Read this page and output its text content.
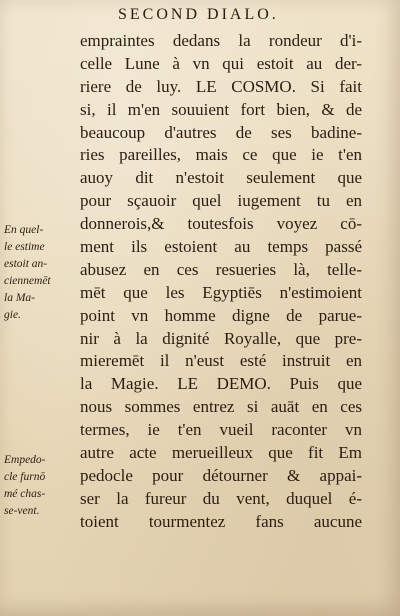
SECOND DIALO.
empraintes dedans la rondeur d'i-
celle Lune à vn qui estoit au der-
riere de luy. LE COSMO. Si fait
si, il m'en souuient fort bien, & de
beaucoup d'autres de ses badine-
ries pareilles, mais ce que ie t'en
auoy dit n'estoit seulement que
pour sçauoir quel iugement tu en
donnerois,& toutesfois voyez cō-
ment ils estoient au temps passé
abusez en ces resueries là, telle-
mēt que les Egyptiēs n'estimoient
point vn homme digne de parue-
nir à la dignité Royalle, que pre-
mieremēt il n'eust esté instruit en
la Magie. LE DEMO. Puis que
nous sommes entrez si auāt en ces
termes, ie t'en vueil raconter vn
autre acte merueilleux que fit Em
pedocle pour détourner & appai-
ser la fureur du vent, duquel é-
toient tourmentez fans aucune
En quel-
le estime
estoit an-
ciennemēt
la Ma-
gie.
Empedo-
cle furnō
mé chas-
se-vent.
